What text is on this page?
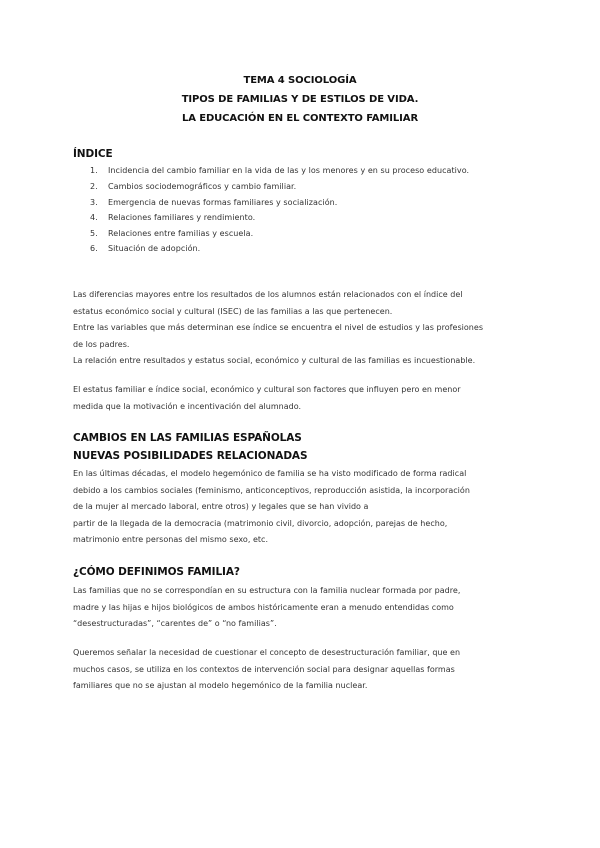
TEMA 4 SOCIOLOGÍA
TIPOS DE FAMILIAS Y DE ESTILOS DE VIDA.
LA EDUCACIÓN EN EL CONTEXTO FAMILIAR
ÍNDICE
1.	Incidencia del cambio familiar en la vida de las y los menores y en su proceso educativo.
2.	Cambios sociodemográficos y cambio familiar.
3.	Emergencia de nuevas formas familiares y socialización.
4.	Relaciones familiares y rendimiento.
5.	Relaciones entre familias y escuela.
6.	Situación de adopción.
Las diferencias mayores entre los resultados de los alumnos están relacionados con el índice del
estatus económico social y cultural (ISEC) de las familias a las que pertenecen.
Entre las variables que más determinan ese índice se encuentra el nivel de estudios y las profesiones
de los padres.
La relación entre resultados y estatus social, económico y cultural de las familias es incuestionable.
El estatus familiar e índice social, económico y cultural son factores que influyen pero en menor
medida que la motivación e incentivación del alumnado.
CAMBIOS EN LAS FAMILIAS ESPAÑOLAS
NUEVAS POSIBILIDADES RELACIONADAS
En las últimas décadas, el modelo hegemónico de familia se ha visto modificado de forma radical
debido a los cambios sociales (feminismo, anticonceptivos, reproducción asistida, la incorporación
de la mujer al mercado laboral, entre otros) y legales que se han vivido a
partir de la llegada de la democracia (matrimonio civil, divorcio, adopción, parejas de hecho,
matrimonio entre personas del mismo sexo, etc.
¿CÓMO DEFINIMOS FAMILIA?
Las familias que no se correspondían en su estructura con la familia nuclear formada por padre,
madre y las hijas e hijos biológicos de ambos históricamente eran a menudo entendidas como
“desestructuradas”, “carentes de” o “no familias”.
Queremos señalar la necesidad de cuestionar el concepto de desestructuración familiar, que en
muchos casos, se utiliza en los contextos de intervención social para designar aquellas formas
familiares que no se ajustan al modelo hegemónico de la familia nuclear.
